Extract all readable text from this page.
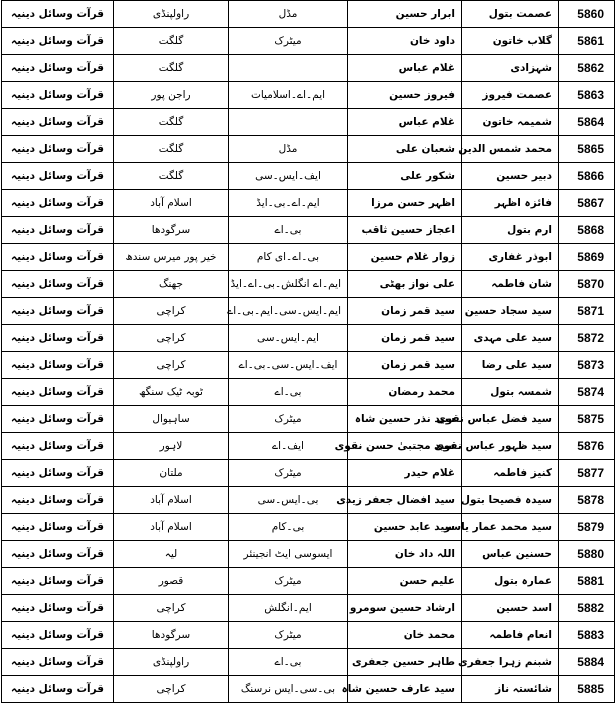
قرآت وسائل دینیہ	راولپنڈی	مڈل	ابرار حسین	عصمت بتول	5860
قرآت وسائل دینیہ	گلگت	میٹرک	داود خان	گلاب خاتون	5861
قرآت وسائل دینیہ	گلگت		غلام عباس	شہزادی	5862
قرآت وسائل دینیہ	راجن پور	ایم۔اے۔اسلامیات	فیروز حسین	عصمت فیروز	5863
قرآت وسائل دینیہ	گلگت		غلام عباس	شمیمہ خاتون	5864
قرآت وسائل دینیہ	گلگت	مڈل	شعبان علی	محمد شمس الدین	5865
قرآت وسائل دینیہ	گلگت	ایف۔ایس۔سی	شکور علی	دبیر حسین	5866
قرآت وسائل دینیہ	اسلام آباد	ایم۔اے۔بی۔ایڈ	اظہر حسن مرزا	فائزہ اظہر	5867
قرآت وسائل دینیہ	سرگودھا	بی۔اے	اعجاز حسین ثاقب	ارم بتول	5868
قرآت وسائل دینیہ	خیر پور میرس سندھ	بی۔اے۔ای کام	زوار غلام حسین	ابوذر غفاری	5869
قرآت وسائل دینیہ	جھنگ	ایم۔اے انگلش۔بی۔اے۔ایڈ	علی نواز بھٹی	شان فاطمہ	5870
قرآت وسائل دینیہ	کراچی	ایم۔ایس۔سی۔ایم۔بی۔اے	سید قمر زمان	سید سجاد حسین	5871
قرآت وسائل دینیہ	کراچی	ایم۔ایس۔سی	سید قمر زمان	سید علی مہدی	5872
قرآت وسائل دینیہ	کراچی	ایف۔ایس۔سی۔بی۔اے	سید قمر زمان	سید علی رضا	5873
قرآت وسائل دینیہ	ٹوبہ ٹیک سنگھ	بی۔اے	محمد رمضان	شمسہ بتول	5874
قرآت وسائل دینیہ	ساہیوال	میٹرک	سید نذر حسین شاہ	سید فضل عباس نقوی	5875
قرآت وسائل دینیہ	لاہور	ایف۔اے	سید مجتبیٰ حسن نقوی	سید ظہور عباس نقوی	5876
قرآت وسائل دینیہ	ملتان	میٹرک	غلام حیدر	کنیز فاطمہ	5877
قرآت وسائل دینیہ	اسلام آباد	بی۔ایس۔سی	سید افضال جعفر زیدی	سیدہ فصیحا بتول	5878
قرآت وسائل دینیہ	اسلام آباد	بی۔کام	سید عابد حسین	سید محمد عمار یاسر	5879
قرآت وسائل دینیہ	لیہ	ایسوسی ایٹ انجینئر	اللہ داد خان	حسنین عباس	5880
قرآت وسائل دینیہ	قصور	میٹرک	علیم حسن	عمارہ بتول	5881
قرآت وسائل دینیہ	کراچی	ایم۔انگلش	ارشاد حسین سومرو	اسد حسین	5882
قرآت وسائل دینیہ	سرگودھا	میٹرک	محمد خان	انعام فاطمہ	5883
قرآت وسائل دینیہ	راولپنڈی	بی۔اے	طاہر حسین جعفری	شبنم زہرا جعفری	5884
قرآت وسائل دینیہ	کراچی	بی۔سی۔ایس نرسنگ	سید عارف حسین شاہ	شائستہ ناز	5885
